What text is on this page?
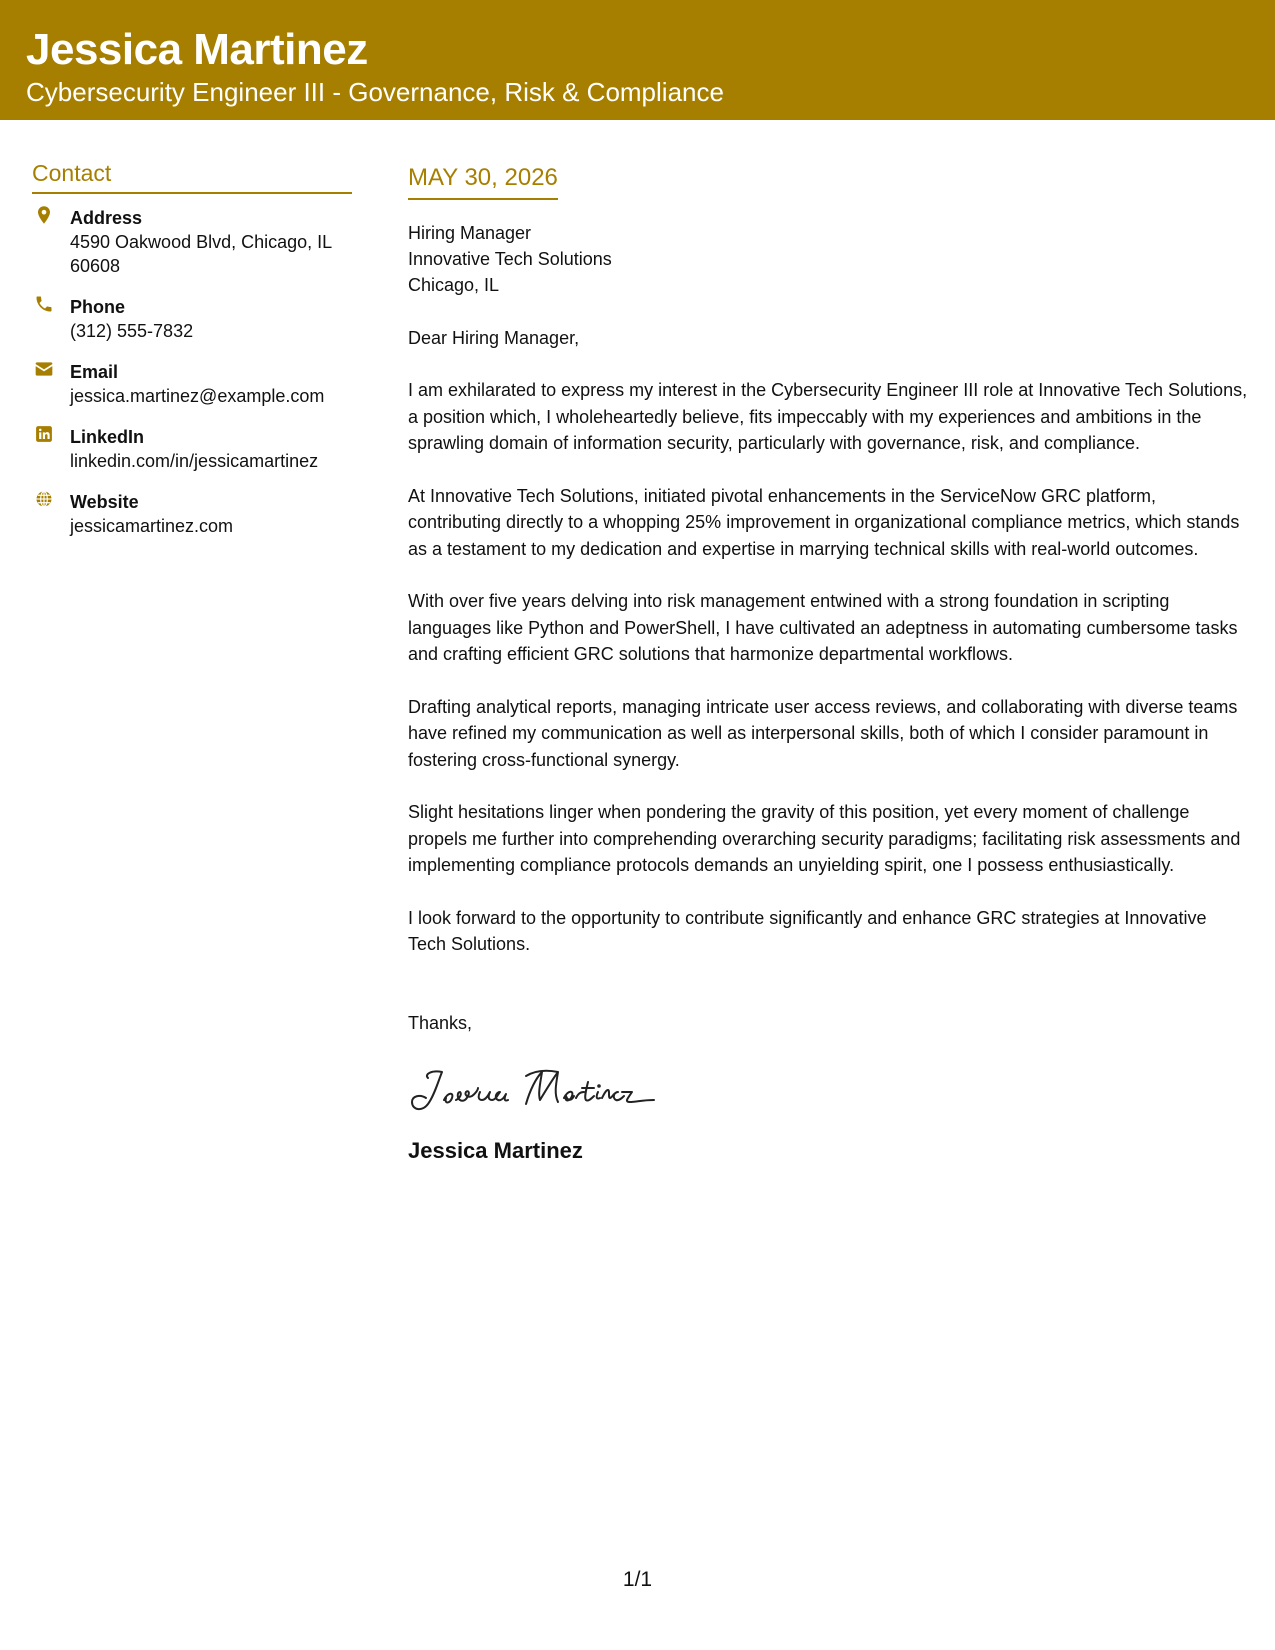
Jessica Martinez
Cybersecurity Engineer III - Governance, Risk & Compliance
Contact
Address
4590 Oakwood Blvd, Chicago, IL 60608
Phone
(312) 555-7832
Email
jessica.martinez@example.com
LinkedIn
linkedin.com/in/jessicamartinez
Website
jessicamartinez.com
MAY 30, 2026
Hiring Manager
Innovative Tech Solutions
Chicago, IL
Dear Hiring Manager,
I am exhilarated to express my interest in the Cybersecurity Engineer III role at Innovative Tech Solutions, a position which, I wholeheartedly believe, fits impeccably with my experiences and ambitions in the sprawling domain of information security, particularly with governance, risk, and compliance.
At Innovative Tech Solutions, initiated pivotal enhancements in the ServiceNow GRC platform, contributing directly to a whopping 25% improvement in organizational compliance metrics, which stands as a testament to my dedication and expertise in marrying technical skills with real-world outcomes.
With over five years delving into risk management entwined with a strong foundation in scripting languages like Python and PowerShell, I have cultivated an adeptness in automating cumbersome tasks and crafting efficient GRC solutions that harmonize departmental workflows.
Drafting analytical reports, managing intricate user access reviews, and collaborating with diverse teams have refined my communication as well as interpersonal skills, both of which I consider paramount in fostering cross-functional synergy.
Slight hesitations linger when pondering the gravity of this position, yet every moment of challenge propels me further into comprehending overarching security paradigms; facilitating risk assessments and implementing compliance protocols demands an unyielding spirit, one I possess enthusiastically.
I look forward to the opportunity to contribute significantly and enhance GRC strategies at Innovative Tech Solutions.
Thanks,
Jessica Martinez
1/1
